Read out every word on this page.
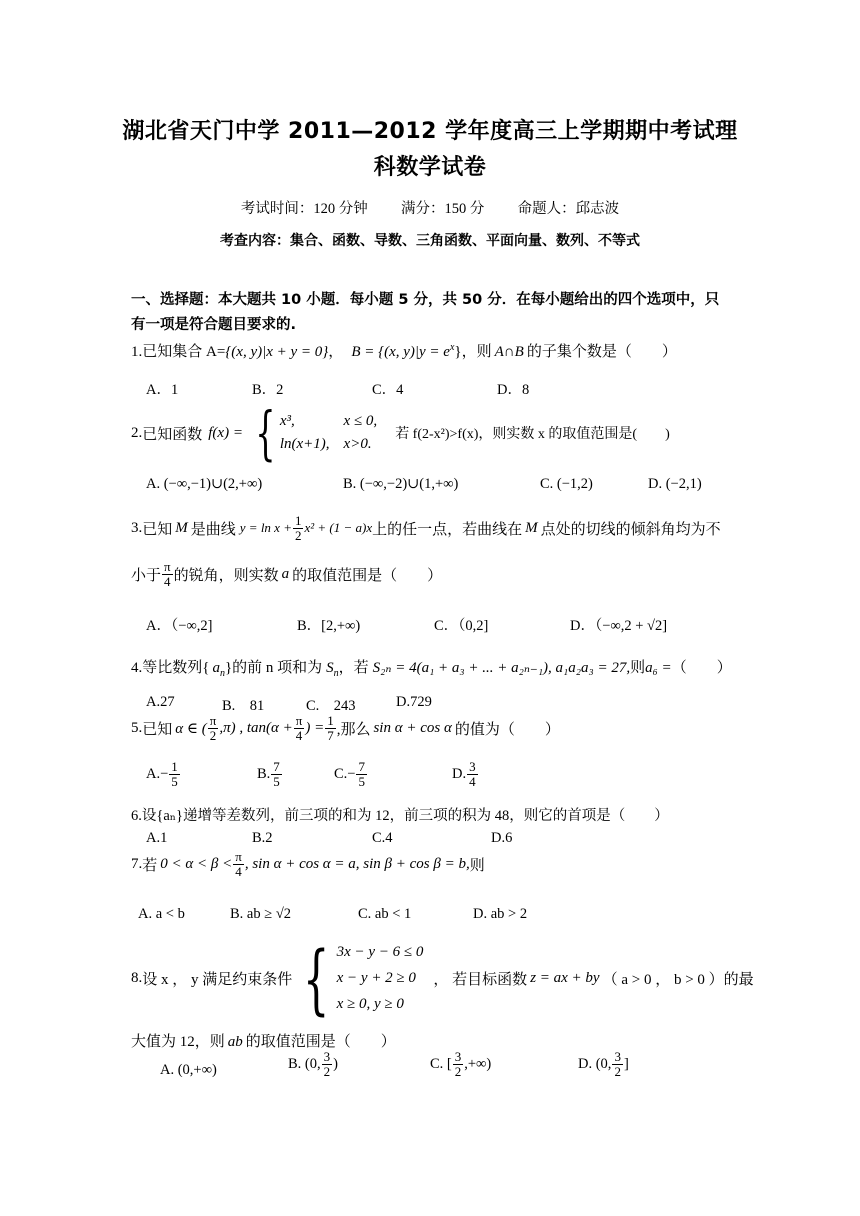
湖北省天门中学 2011—2012 学年度高三上学期期中考试理
科数学试卷
考试时间：120 分钟 满分：150 分 命题人：邱志波
考查内容：集合、函数、导数、三角函数、平面向量、数列、不等式
一、选择题：本大题共 10 小题．每小题 5 分，共 50 分．在每小题给出的四个选项中，只
有一项是符合题目要求的.
1.已知集合 A={(x, y)|x + y = 0}， B = {(x, $y)|y = e^x$}，则 A∩B 的子集个数是（　　）
A．1	B．2	C．4	D．8
2. 已知函数 f(x) = { x³,	x ≤ 0,
ln(x+1),	x>0.
若 f(2-x²)>f(x)，则实数 x 的取值范围是(　　)
A. (−∞,−1)∪(2,+∞)	B. (−∞,−2)∪(1,+∞)	C. (−1,2)	D. (−2,1)
3. 已知 M 是曲线 $y = \ln x + \frac{1}{2} x^2 + (1 - a)x$ 上的任一点，若曲线在 M 点处的切线的倾斜角均为不
小于 $\frac{\pi}{4}$ 的锐角，则实数 a 的取值范围是（　　）
A．（−∞,2]	B．[2,+∞)	C．（0,2]	D．（−∞,2 + √2]
4.等比数列{ $a_n$}的前 n 项和为 $S_n$，若 S₂ₙ = 4(a₁ + a₃ + ... + a₂ₙ₋₁), a₁a₂a₃ = 27,则a₆ =（　　）
A.27	B.　81	C.　243	D.729
5. 已知 α ∈ ( $\frac{\pi}{2} ,\pi$) , $\tan(\alpha + \frac{\pi}{4}$ ) = $\frac{1}{7}$ ,那么 sin α + cos α 的值为（　　）
A. − $\frac{1}{5}$	B. $\frac{7}{5}$	C. − $\frac{7}{5}$	D. $\frac{3}{4}$
6.设{aₙ}递增等差数列，前三项的和为 12，前三项的积为 48，则它的首项是（　　）
A.1	B.2	C.4	D.6
7. 若 $0 < \alpha < \beta < \frac{\pi}{4}$ , sin α + cos α = a, sin β + cos β = b, 则
A. a < b	B. ab ≥ √2	C. ab < 1	D. ab > 2
8. 设 x ， y 满足约束条件 { 3x − y − 6 ≤ 0
x − y + 2 ≥ 0
x ≥ 0, y ≥ 0
， 若目标函数 z = ax + by （ a > 0 ， b > 0 ）的最
大值为 12，则 ab 的取值范围是（　　）
A. (0,+∞)	B. (0, $\frac{3}{2}$ )	C. [ $\frac{3}{2}$ ,+∞)	D. (0, $\frac{3}{2}$ ]
